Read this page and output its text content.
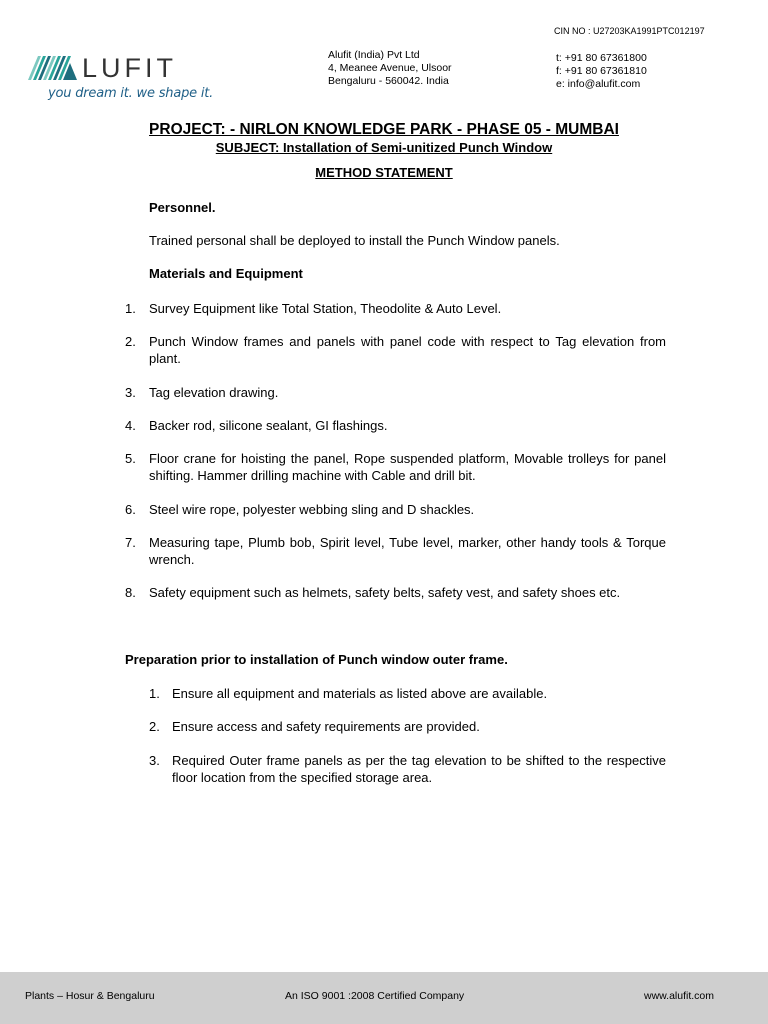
CIN NO : U27203KA1991PTC012197
LUFIT
you dream it. we shape it.
Alufit (India) Pvt Ltd
4, Meanee Avenue, Ulsoor
Bengaluru - 560042. India
t: +91 80 67361800
f: +91 80 67361810
e: info@alufit.com
PROJECT: - NIRLON KNOWLEDGE PARK - PHASE 05 - MUMBAI
SUBJECT: Installation of Semi-unitized Punch Window
METHOD STATEMENT
Personnel.
Trained personal shall be deployed to install the Punch Window panels.
Materials and Equipment
1. Survey Equipment like Total Station, Theodolite & Auto Level.
2. Punch Window frames and panels with panel code with respect to Tag elevation from plant.
3. Tag elevation drawing.
4. Backer rod, silicone sealant, GI flashings.
5. Floor crane for hoisting the panel, Rope suspended platform, Movable trolleys for panel shifting. Hammer drilling machine with Cable and drill bit.
6. Steel wire rope, polyester webbing sling and D shackles.
7. Measuring tape, Plumb bob, Spirit level, Tube level, marker, other handy tools & Torque wrench.
8. Safety equipment such as helmets, safety belts, safety vest, and safety shoes etc.
Preparation prior to installation of Punch window outer frame.
1. Ensure all equipment and materials as listed above are available.
2. Ensure access and safety requirements are provided.
3. Required Outer frame panels as per the tag elevation to be shifted to the respective floor location from the specified storage area.
Plants – Hosur & Bengaluru	An ISO 9001 :2008 Certified Company	www.alufit.com
